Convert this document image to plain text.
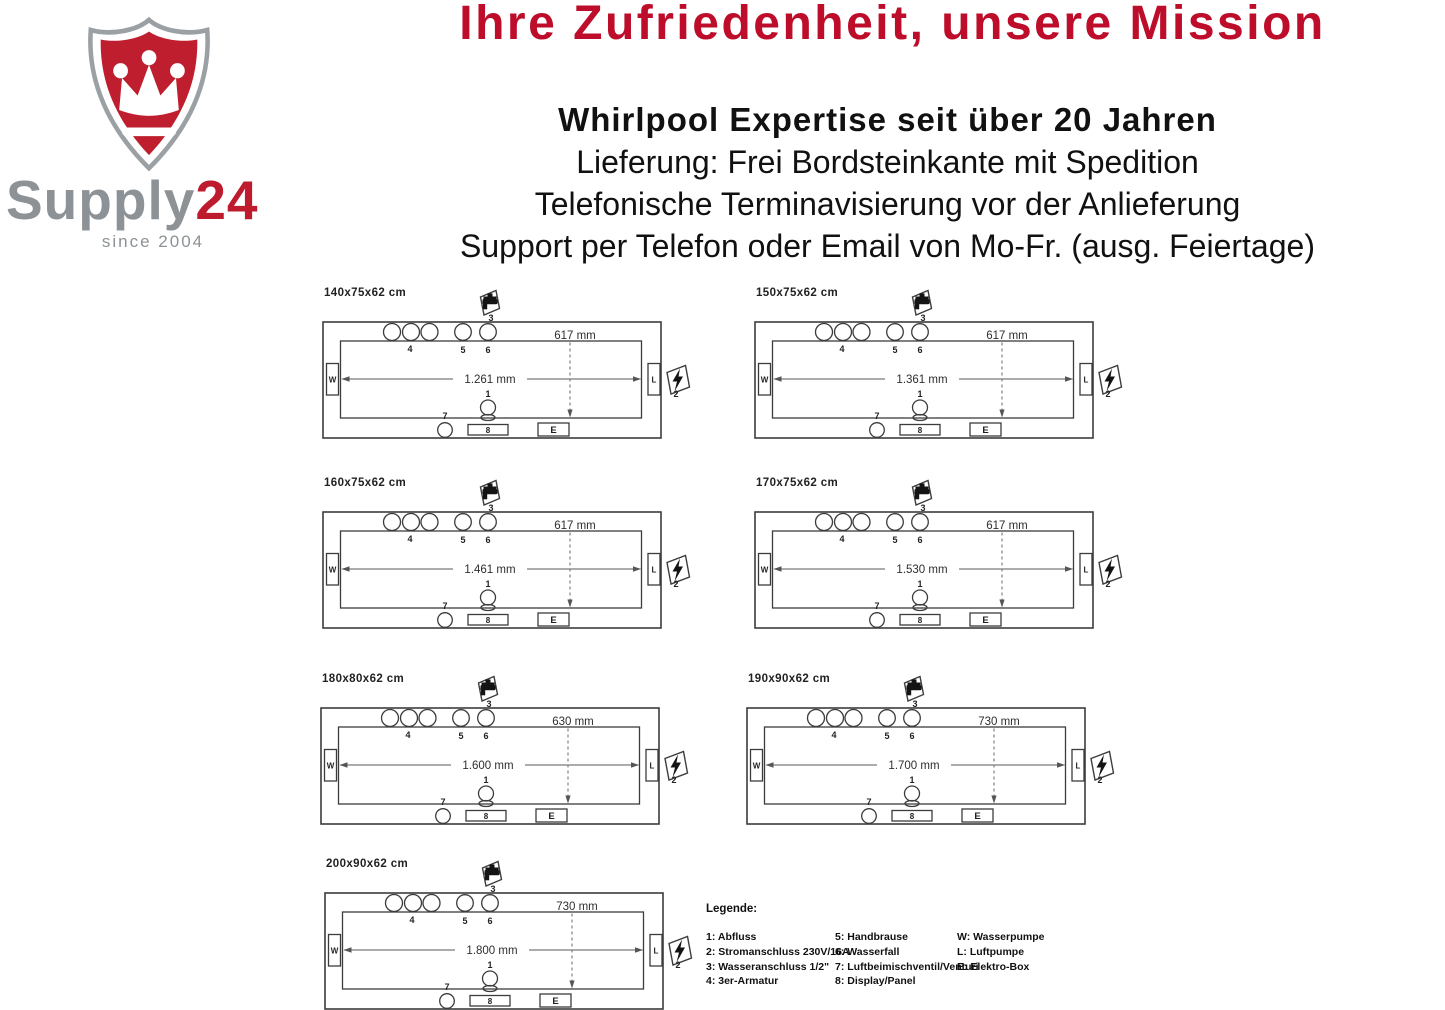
Supply24
since 2004
Ihre Zufriedenheit, unsere Mission
Whirlpool Expertise seit über 20 Jahren
Lieferung: Frei Bordsteinkante mit Spedition
Telefonische Terminavisierung vor der Anlieferung
Support per Telefon oder Email von Mo-Fr. (ausg. Feiertage)
140x75x62 cm
3
4	5 6
W	L
2
1.261 mm
617 mm
1
7
8	E
150x75x62 cm
3
4	5 6
W	L
2
1.361 mm
617 mm
1
7
8	E
160x75x62 cm
3
4	5 6
W	L
2
1.461 mm
617 mm
1
7
8	E
170x75x62 cm
3
4	5 6
W	L
2
1.530 mm
617 mm
1
7
8	E
180x80x62 cm
3
4	5 6
W	L
2
1.600 mm
630 mm
1
7
8	E
190x90x62 cm
3
4	5 6
W	L
2
1.700 mm
730 mm
1
7
8	E
200x90x62 cm
3
4	5 6
W	L
2
1.800 mm
730 mm
1
7
8	E
Legende:
1: Abfluss
2: Stromanschluss 230V/16A
3: Wasseranschluss 1/2"
4: 3er-Armatur
5: Handbrause
6: Wasserfall
7: Luftbeimischventil/Venturi
8: Display/Panel
W: Wasserpumpe
L: Luftpumpe
E: Elektro-Box
